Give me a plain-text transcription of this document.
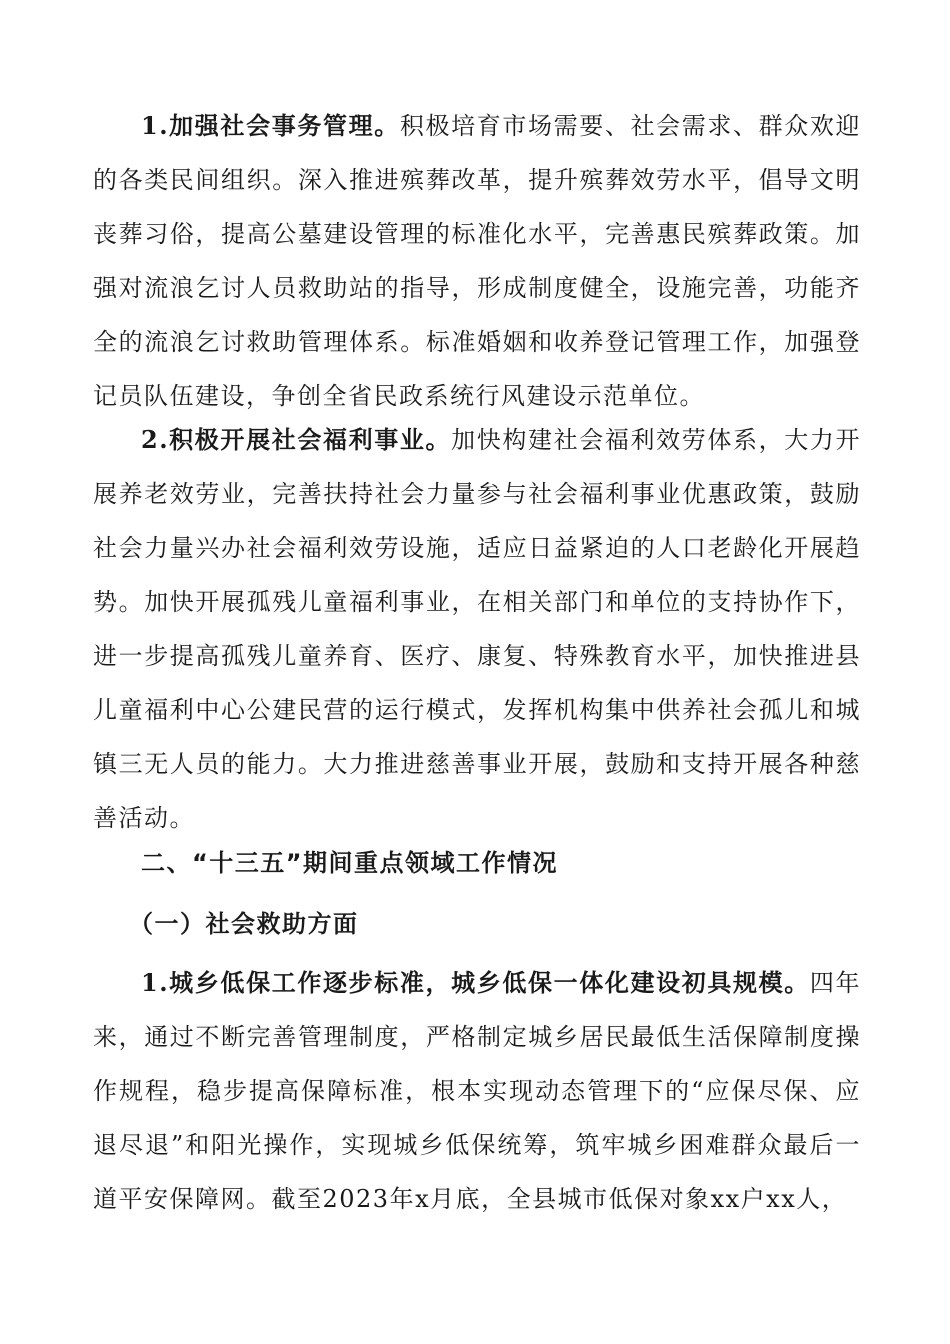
1.加强社会事务管理。积极培育市场需要、社会需求、群众欢迎的各类民间组织。深入推进殡葬改革，提升殡葬效劳水平，倡导文明丧葬习俗，提高公墓建设管理的标准化水平，完善惠民殡葬政策。加强对流浪乞讨人员救助站的指导，形成制度健全，设施完善，功能齐全的流浪乞讨救助管理体系。标准婚姻和收养登记管理工作，加强登记员队伍建设，争创全省民政系统行风建设示范单位。

2.积极开展社会福利事业。加快构建社会福利效劳体系，大力开展养老效劳业，完善扶持社会力量参与社会福利事业优惠政策，鼓励社会力量兴办社会福利效劳设施，适应日益紧迫的人口老龄化开展趋势。加快开展孤残儿童福利事业，在相关部门和单位的支持协作下，进一步提高孤残儿童养育、医疗、康复、特殊教育水平，加快推进县儿童福利中心公建民营的运行模式，发挥机构集中供养社会孤儿和城镇三无人员的能力。大力推进慈善事业开展，鼓励和支持开展各种慈善活动。

二、“十三五”期间重点领域工作情况
（一）社会救助方面

1.城乡低保工作逐步标准，城乡低保一体化建设初具规模。四年来，通过不断完善管理制度，严格制定城乡居民最低生活保障制度操作规程，稳步提高保障标准，根本实现动态管理下的“应保尽保、应退尽退”和阳光操作，实现城乡低保统筹，筑牢城乡困难群众最后一道平安保障网。截至2023年x月底，全县城市低保对象xx户xx人，
